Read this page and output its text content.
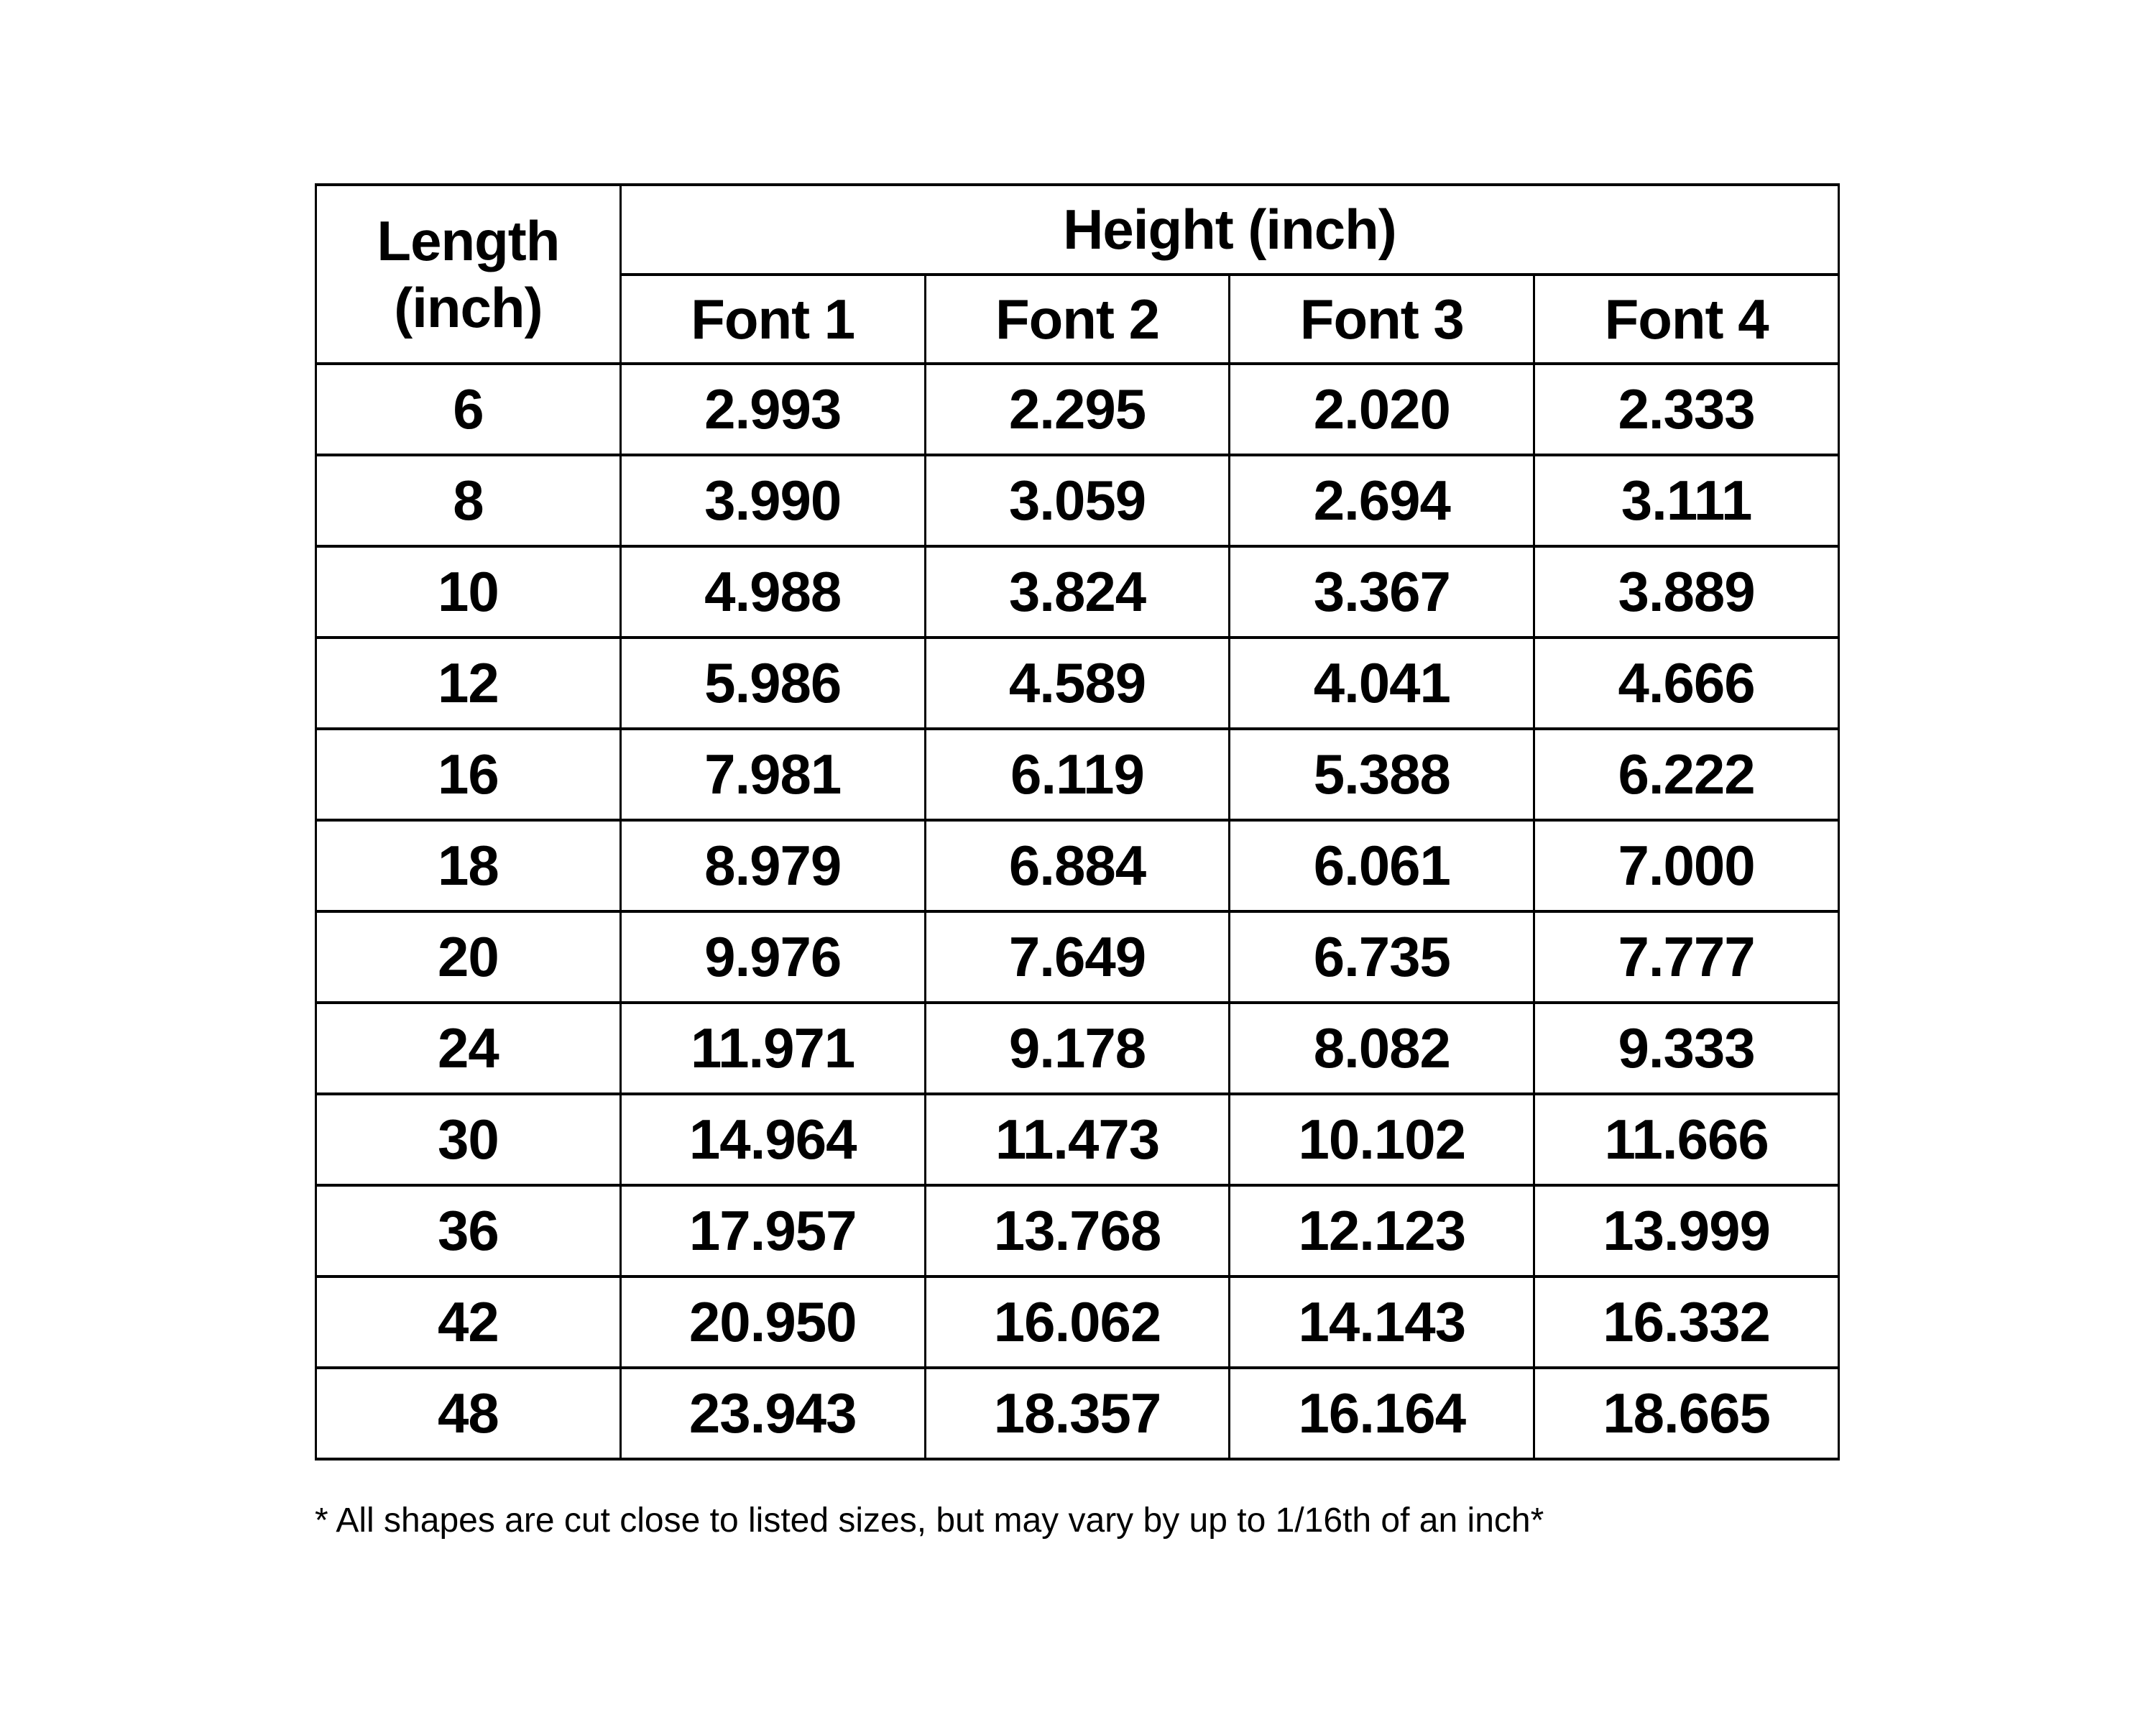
Length
(inch)	Height (inch)			
	Font 1	Font 2	Font 3	Font 4
6	2.993	2.295	2.020	2.333
8	3.990	3.059	2.694	3.111
10	4.988	3.824	3.367	3.889
12	5.986	4.589	4.041	4.666
16	7.981	6.119	5.388	6.222
18	8.979	6.884	6.061	7.000
20	9.976	7.649	6.735	7.777
24	11.971	9.178	8.082	9.333
30	14.964	11.473	10.102	11.666
36	17.957	13.768	12.123	13.999
42	20.950	16.062	14.143	16.332
48	23.943	18.357	16.164	18.665
* All shapes are cut close to listed sizes, but may vary by up to 1/16th of an inch*
